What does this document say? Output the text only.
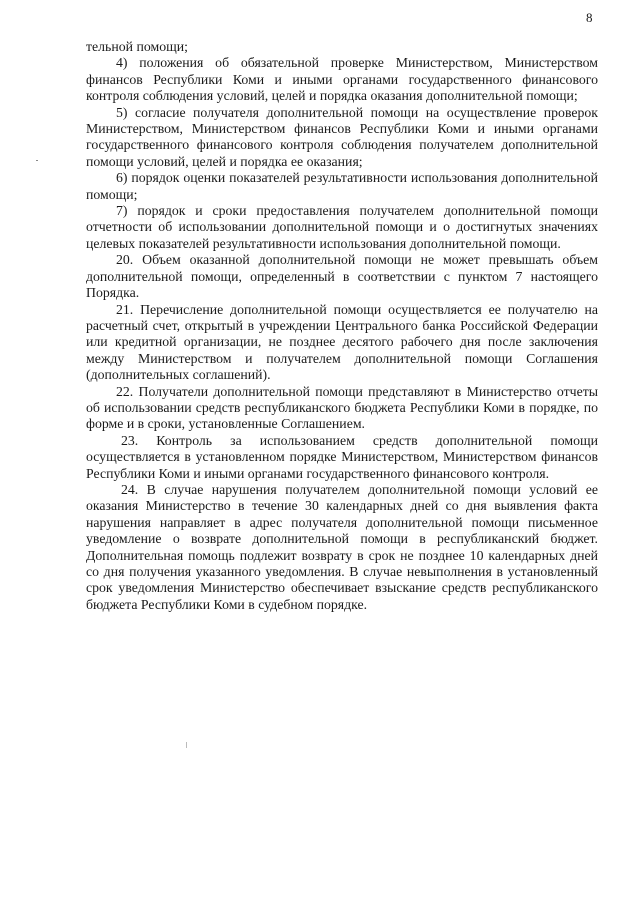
8

тельной помощи;

4) положения об обязательной проверке Министерством, Министерством финансов Республики Коми и иными органами государственного финансового контроля соблюдения условий, целей и порядка оказания дополнительной помощи;

5) согласие получателя дополнительной помощи на осуществление проверок Министерством, Министерством финансов Республики Коми и иными органами государственного финансового контроля соблюдения получателем дополнительной помощи условий, целей и порядка ее оказания;

6) порядок оценки показателей результативности использования дополнительной помощи;

7) порядок и сроки предоставления получателем дополнительной помощи отчетности об использовании дополнительной помощи и о достигнутых значениях целевых показателей результативности использования дополнительной помощи.

20. Объем оказанной дополнительной помощи не может превышать объем дополнительной помощи, определенный в соответствии с пунктом 7 настоящего Порядка.

21. Перечисление дополнительной помощи осуществляется ее получателю на расчетный счет, открытый в учреждении Центрального банка Российской Федерации или кредитной организации, не позднее десятого рабочего дня после заключения между Министерством и получателем дополнительной помощи Соглашения (дополнительных соглашений).

22. Получатели дополнительной помощи представляют в Министерство отчеты об использовании средств республиканского бюджета Республики Коми в порядке, по форме и в сроки, установленные Соглашением.

23. Контроль за использованием средств дополнительной помощи осуществляется в установленном порядке Министерством, Министерством финансов Республики Коми и иными органами государственного финансового контроля.

24. В случае нарушения получателем дополнительной помощи условий ее оказания Министерство в течение 30 календарных дней со дня выявления факта нарушения направляет в адрес получателя дополнительной помощи письменное уведомление о возврате дополнительной помощи в республиканский бюджет. Дополнительная помощь подлежит возврату в срок не позднее 10 календарных дней со дня получения указанного уведомления. В случае невыполнения в установленный срок уведомления Министерство обеспечивает взыскание средств республиканского бюджета Республики Коми в судебном порядке.
